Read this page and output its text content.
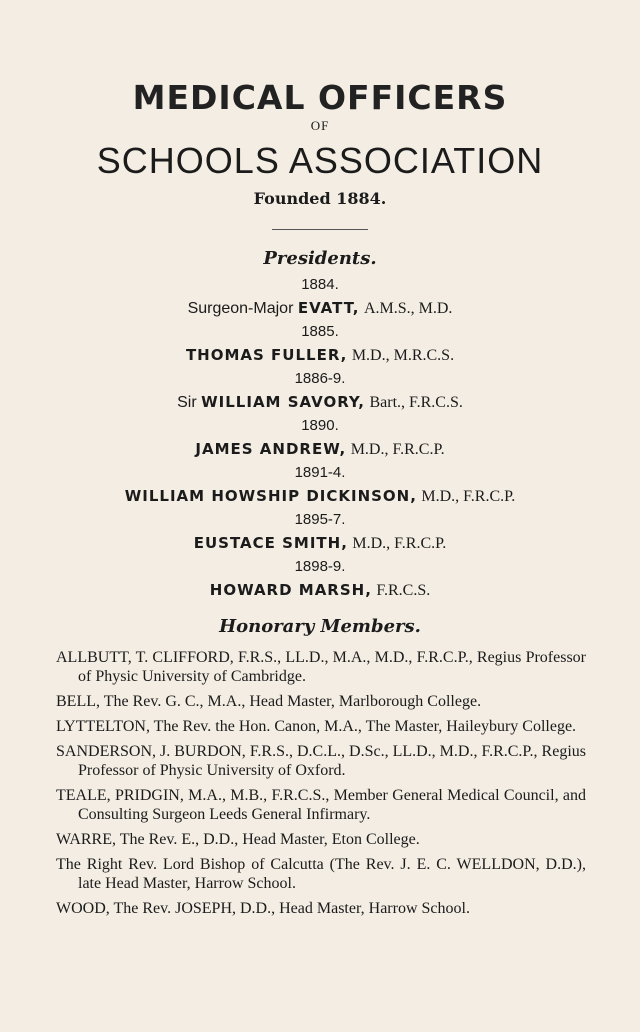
MEDICAL OFFICERS
OF
SCHOOLS ASSOCIATION
Founded 1884.
Presidents.
1884.
Surgeon-Major EVATT, A.M.S., M.D.
1885.
THOMAS FULLER, M.D., M.R.C.S.
1886-9.
Sir WILLIAM SAVORY, Bart., F.R.C.S.
1890.
JAMES ANDREW, M.D., F.R.C.P.
1891-4.
WILLIAM HOWSHIP DICKINSON, M.D., F.R.C.P.
1895-7.
EUSTACE SMITH, M.D., F.R.C.P.
1898-9.
HOWARD MARSH, F.R.C.S.
Honorary Members.
ALLBUTT, T. CLIFFORD, F.R.S., LL.D., M.A., M.D., F.R.C.P., Regius Professor of Physic University of Cambridge.
BELL, The Rev. G. C., M.A., Head Master, Marlborough College.
LYTTELTON, The Rev. the Hon. Canon, M.A., The Master, Haileybury College.
SANDERSON, J. BURDON, F.R.S., D.C.L., D.Sc., LL.D., M.D., F.R.C.P., Regius Professor of Physic University of Oxford.
TEALE, PRIDGIN, M.A., M.B., F.R.C.S., Member General Medical Council, and Consulting Surgeon Leeds General Infirmary.
WARRE, The Rev. E., D.D., Head Master, Eton College.
The Right Rev. Lord Bishop of Calcutta (The Rev. J. E. C. WELLDON, D.D.), late Head Master, Harrow School.
WOOD, The Rev. JOSEPH, D.D., Head Master, Harrow School.
